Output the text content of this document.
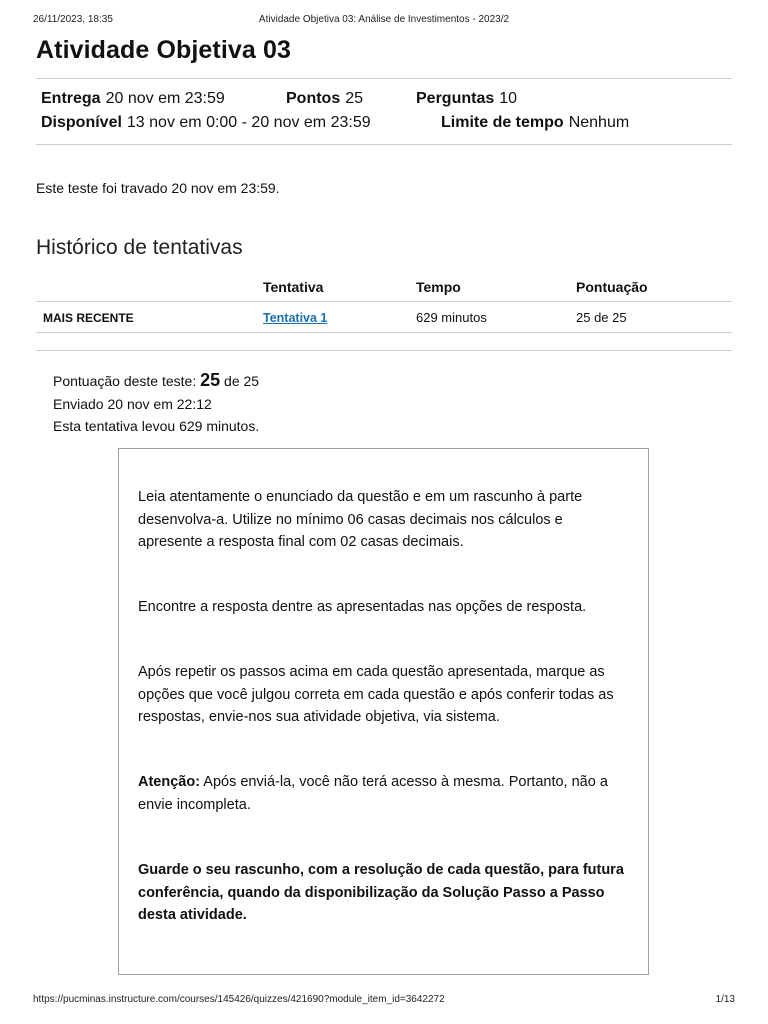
26/11/2023, 18:35	Atividade Objetiva 03: Análise de Investimentos - 2023/2
Atividade Objetiva 03
Entrega 20 nov em 23:59	Pontos 25	Perguntas 10
Disponível 13 nov em 0:00 - 20 nov em 23:59	Limite de tempo Nenhum
Este teste foi travado 20 nov em 23:59.
Histórico de tentativas
	Tentativa	Tempo	Pontuação
MAIS RECENTE	Tentativa 1	629 minutos	25 de 25
Pontuação deste teste: 25 de 25
Enviado 20 nov em 22:12
Esta tentativa levou 629 minutos.

Leia atentamente o enunciado da questão e em um rascunho à parte desenvolva-a. Utilize no mínimo 06 casas decimais nos cálculos e apresente a resposta final com 02 casas decimais.

Encontre a resposta dentre as apresentadas nas opções de resposta.

Após repetir os passos acima em cada questão apresentada, marque as opções que você julgou correta em cada questão e após conferir todas as respostas, envie-nos sua atividade objetiva, via sistema.

Atenção: Após enviá-la, você não terá acesso à mesma. Portanto, não a envie incompleta.

Guarde o seu rascunho, com a resolução de cada questão, para futura conferência, quando da disponibilização da Solução Passo a Passo desta atividade.

https://pucminas.instructure.com/courses/145426/quizzes/421690?module_item_id=3642272	1/13
